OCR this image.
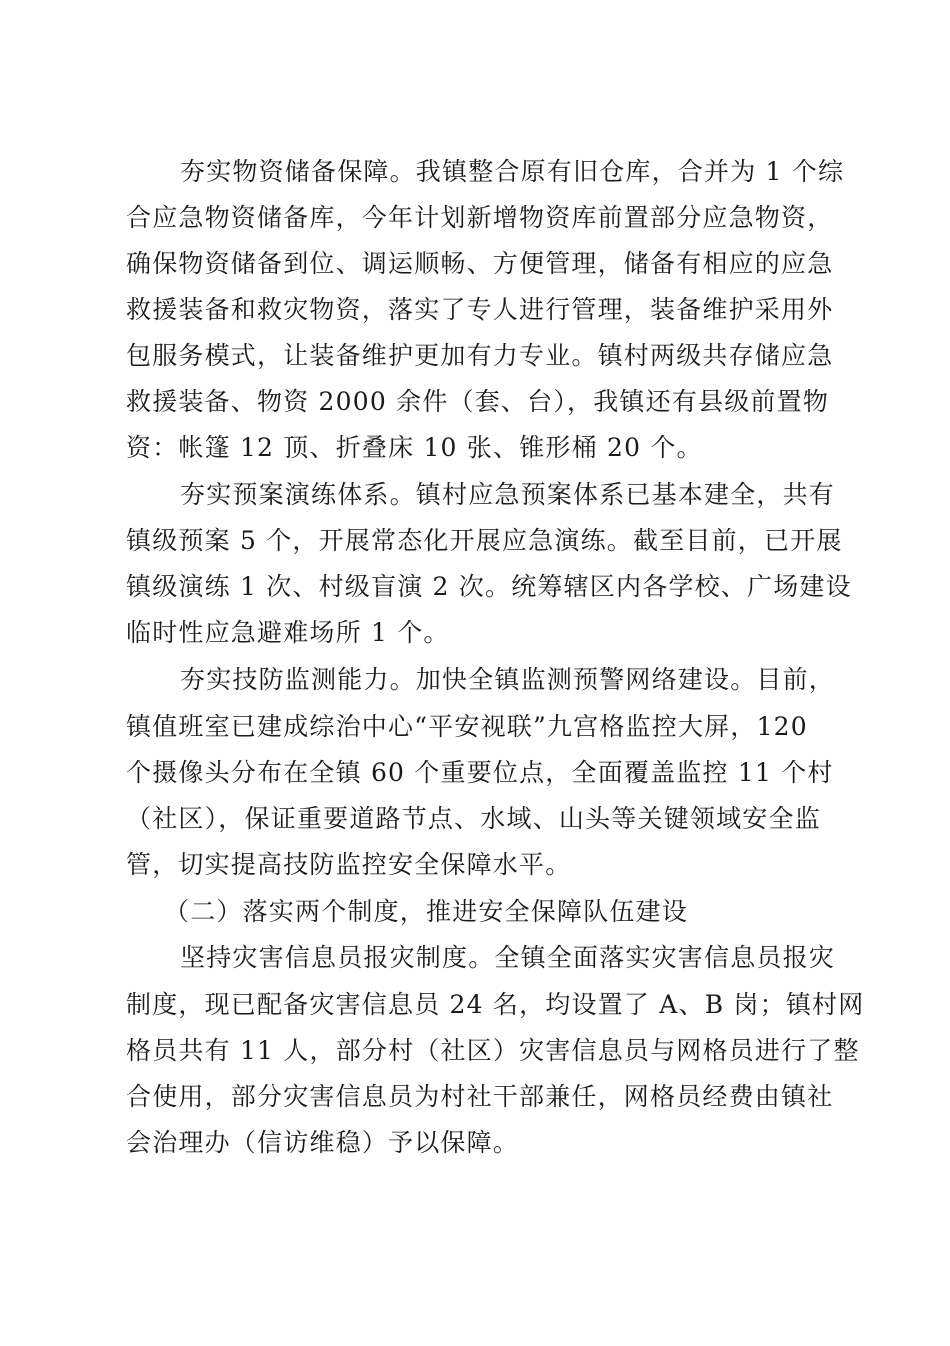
夯实物资储备保障。我镇整合原有旧仓库，合并为 1 个综
合应急物资储备库，今年计划新增物资库前置部分应急物资，
确保物资储备到位、调运顺畅、方便管理，储备有相应的应急
救援装备和救灾物资，落实了专人进行管理，装备维护采用外
包服务模式，让装备维护更加有力专业。镇村两级共存储应急
救援装备、物资 2000 余件（套、台），我镇还有县级前置物
资：帐篷 12 顶、折叠床 10 张、锥形桶 20 个。
夯实预案演练体系。镇村应急预案体系已基本建全，共有
镇级预案 5 个，开展常态化开展应急演练。截至目前，已开展
镇级演练 1 次、村级盲演 2 次。统筹辖区内各学校、广场建设
临时性应急避难场所 1 个。
夯实技防监测能力。加快全镇监测预警网络建设。目前，
镇值班室已建成综治中心“平安视联”九宫格监控大屏，120
个摄像头分布在全镇 60 个重要位点，全面覆盖监控 11 个村
（社区），保证重要道路节点、水域、山头等关键领域安全监
管，切实提高技防监控安全保障水平。
（二）落实两个制度，推进安全保障队伍建设
坚持灾害信息员报灾制度。全镇全面落实灾害信息员报灾
制度，现已配备灾害信息员 24 名，均设置了 A、B 岗；镇村网
格员共有 11 人，部分村（社区）灾害信息员与网格员进行了整
合使用，部分灾害信息员为村社干部兼任，网格员经费由镇社
会治理办（信访维稳）予以保障。
